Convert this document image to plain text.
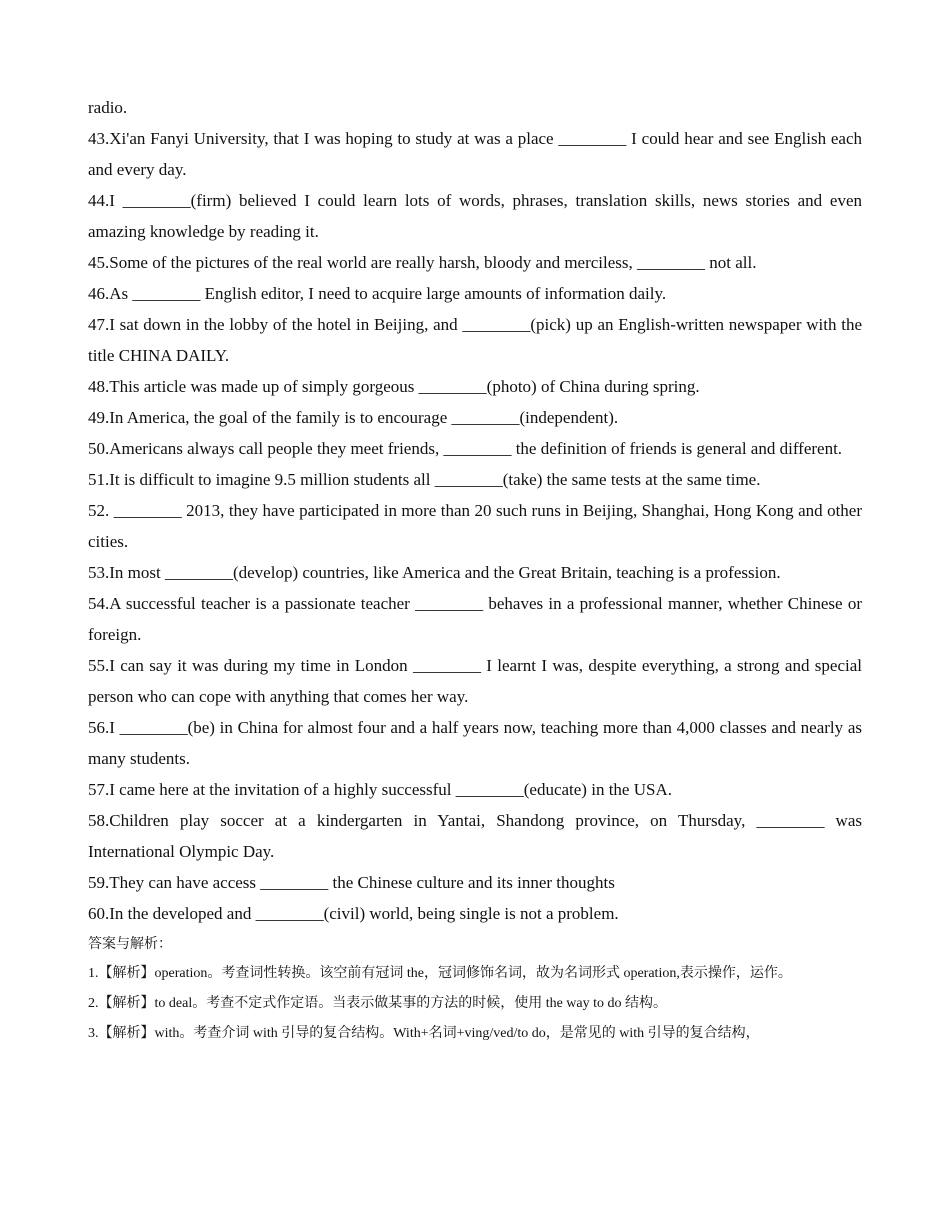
radio.

43.Xi'an Fanyi University, that I was hoping to study at was a place ________ I could hear and see English each and every day.

44.I ________(firm) believed I could learn lots of words, phrases, translation skills, news stories and even amazing knowledge by reading it.

45.Some of the pictures of the real world are really harsh, bloody and merciless, ________ not all.

46.As ________ English editor, I need to acquire large amounts of information daily.

47.I sat down in the lobby of the hotel in Beijing, and ________(pick) up an English-written newspaper with the title CHINA DAILY.

48.This article was made up of simply gorgeous ________(photo) of China during spring.

49.In America, the goal of the family is to encourage ________(independent).

50.Americans always call people they meet friends, ________ the definition of friends is general and different.

51.It is difficult to imagine 9.5 million students all ________(take) the same tests at the same time.

52. ________ 2013, they have participated in more than 20 such runs in Beijing, Shanghai, Hong Kong and other cities.

53.In most ________(develop) countries, like America and the Great Britain, teaching is a profession.

54.A successful teacher is a passionate teacher ________ behaves in a professional manner, whether Chinese or foreign.

55.I can say it was during my time in London ________ I learnt I was, despite everything, a strong and special person who can cope with anything that comes her way.

56.I ________(be) in China for almost four and a half years now, teaching more than 4,000 classes and nearly as many students.

57.I came here at the invitation of a highly successful ________(educate) in the USA.

58.Children play soccer at a kindergarten in Yantai, Shandong province, on Thursday, ________ was International Olympic Day.

59.They can have access ________ the Chinese culture and its inner thoughts

60.In the developed and ________(civil) world, being single is not a problem.

答案与解析：

1.【解析】operation。考查词性转换。该空前有冠词 the，冠词修饰名词，故为名词形式 operation,表示操作，运作。

2.【解析】to deal。考查不定式作定语。当表示做某事的方法的时候，使用 the way to do 结构。

3.【解析】with。考查介词 with 引导的复合结构。With+名词+ving/ved/to do，是常见的 with 引导的复合结构，
